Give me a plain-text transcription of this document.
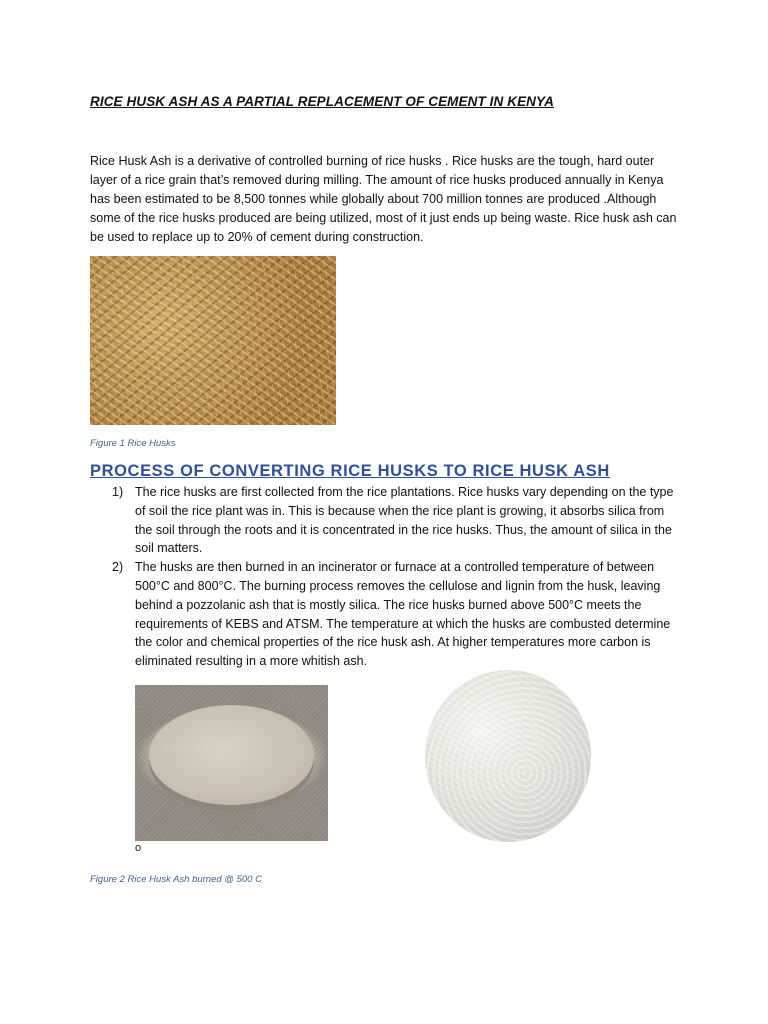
RICE HUSK ASH AS A PARTIAL REPLACEMENT OF CEMENT IN KENYA

Rice Husk Ash is a derivative of controlled burning of rice husks . Rice husks are the tough, hard outer layer of a rice grain that’s removed during milling. The amount of rice husks produced annually in Kenya has been estimated to be 8,500 tonnes while globally about 700 million tonnes are produced .Although some of the rice husks produced are being utilized, most of it just ends up being waste. Rice husk ash can be used to replace up to 20% of cement during construction.

Figure 1 Rice Husks
PROCESS OF CONVERTING RICE HUSKS TO RICE HUSK ASH
1) The rice husks are first collected from the rice plantations. Rice husks vary depending on the type of soil the rice plant was in. This is because when the rice plant is growing, it absorbs silica from the soil through the roots and it is concentrated in the rice husks. Thus, the amount of silica in the soil matters.
2) The husks are then burned in an incinerator or furnace at a controlled temperature of between 500°C and 800°C. The burning process removes the cellulose and lignin from the husk, leaving behind a pozzolanic ash that is mostly silica. The rice husks burned above 500°C meets the requirements of KEBS and ATSM. The temperature at which the husks are combusted determine the color and chemical properties of the rice husk ash. At higher temperatures more carbon is eliminated resulting in a more whitish ash.
o
Figure 2 Rice Husk Ash burned @ 500 C
